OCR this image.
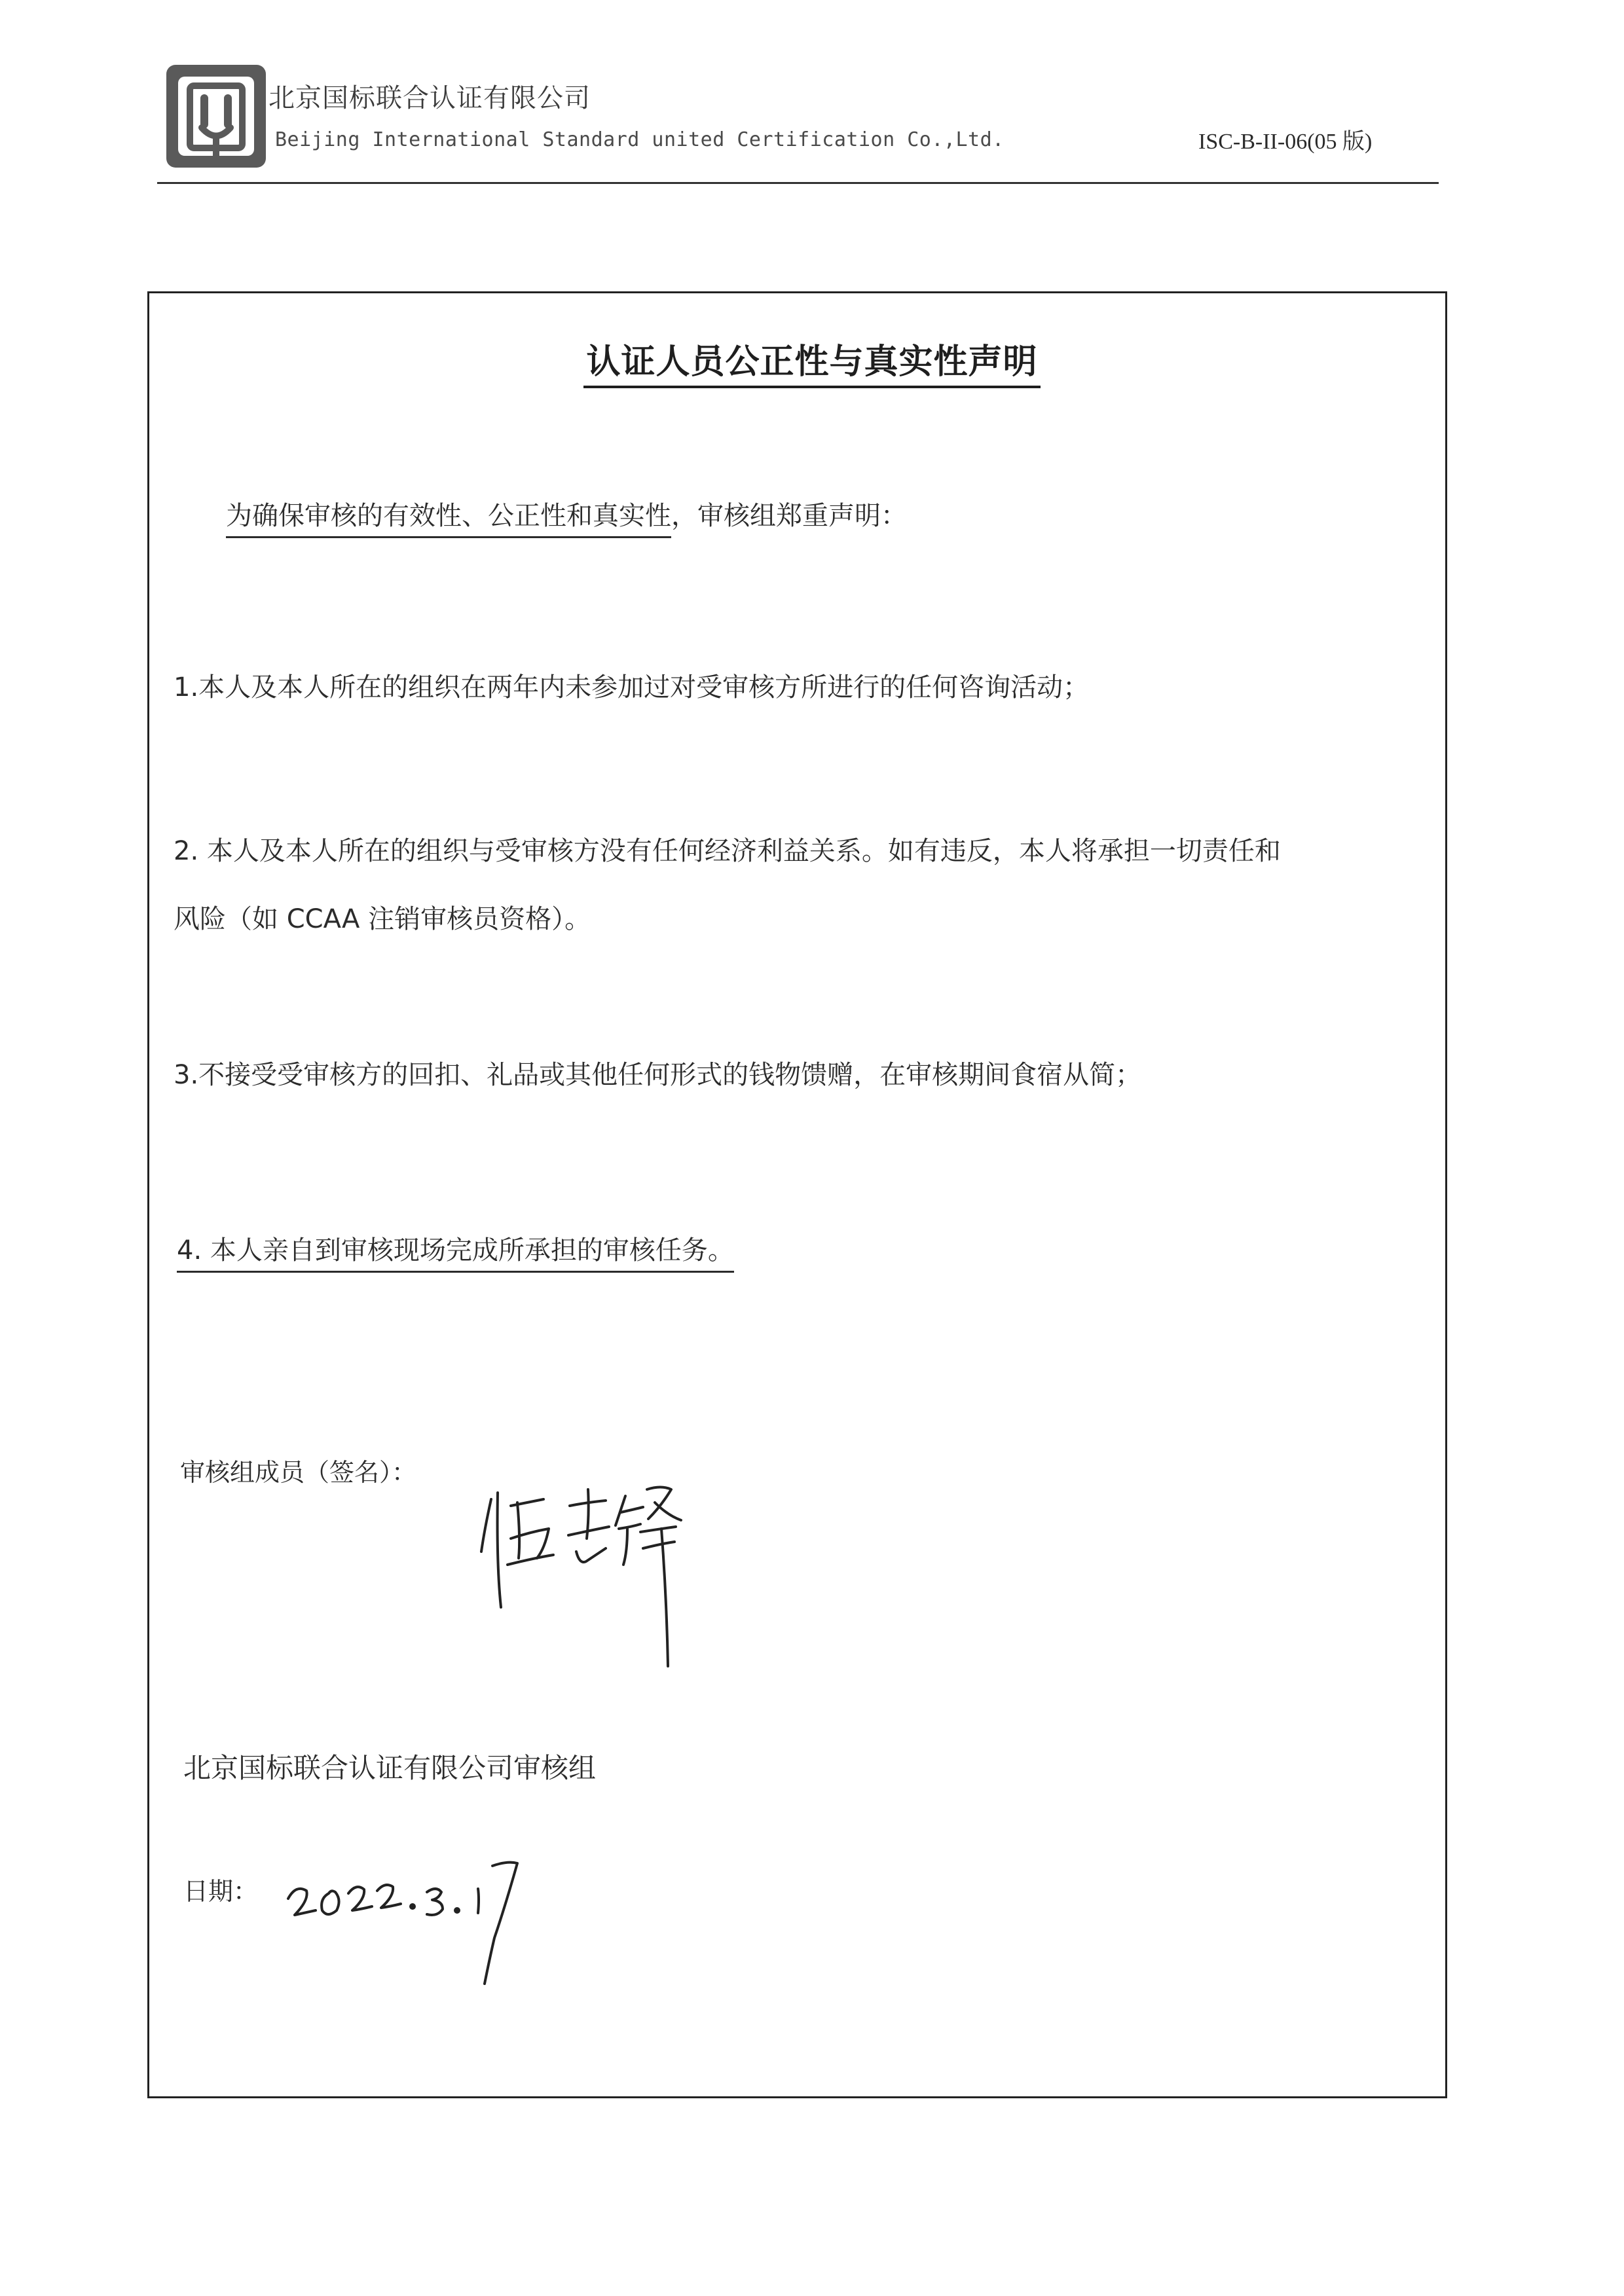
北京国标联合认证有限公司
Beijing International Standard united Certification Co.,Ltd.	ISC-B-II-06(05 版)
认证人员公正性与真实性声明
为确保审核的有效性、公正性和真实性，审核组郑重声明：
1.本人及本人所在的组织在两年内未参加过对受审核方所进行的任何咨询活动；
2. 本人及本人所在的组织与受审核方没有任何经济利益关系。如有违反，本人将承担一切责任和
风险（如 CCAA 注销审核员资格）。
3.不接受受审核方的回扣、礼品或其他任何形式的钱物馈赠，在审核期间食宿从简；
4. 本人亲自到审核现场完成所承担的审核任务。
审核组成员（签名）：
北京国标联合认证有限公司审核组
日期：
